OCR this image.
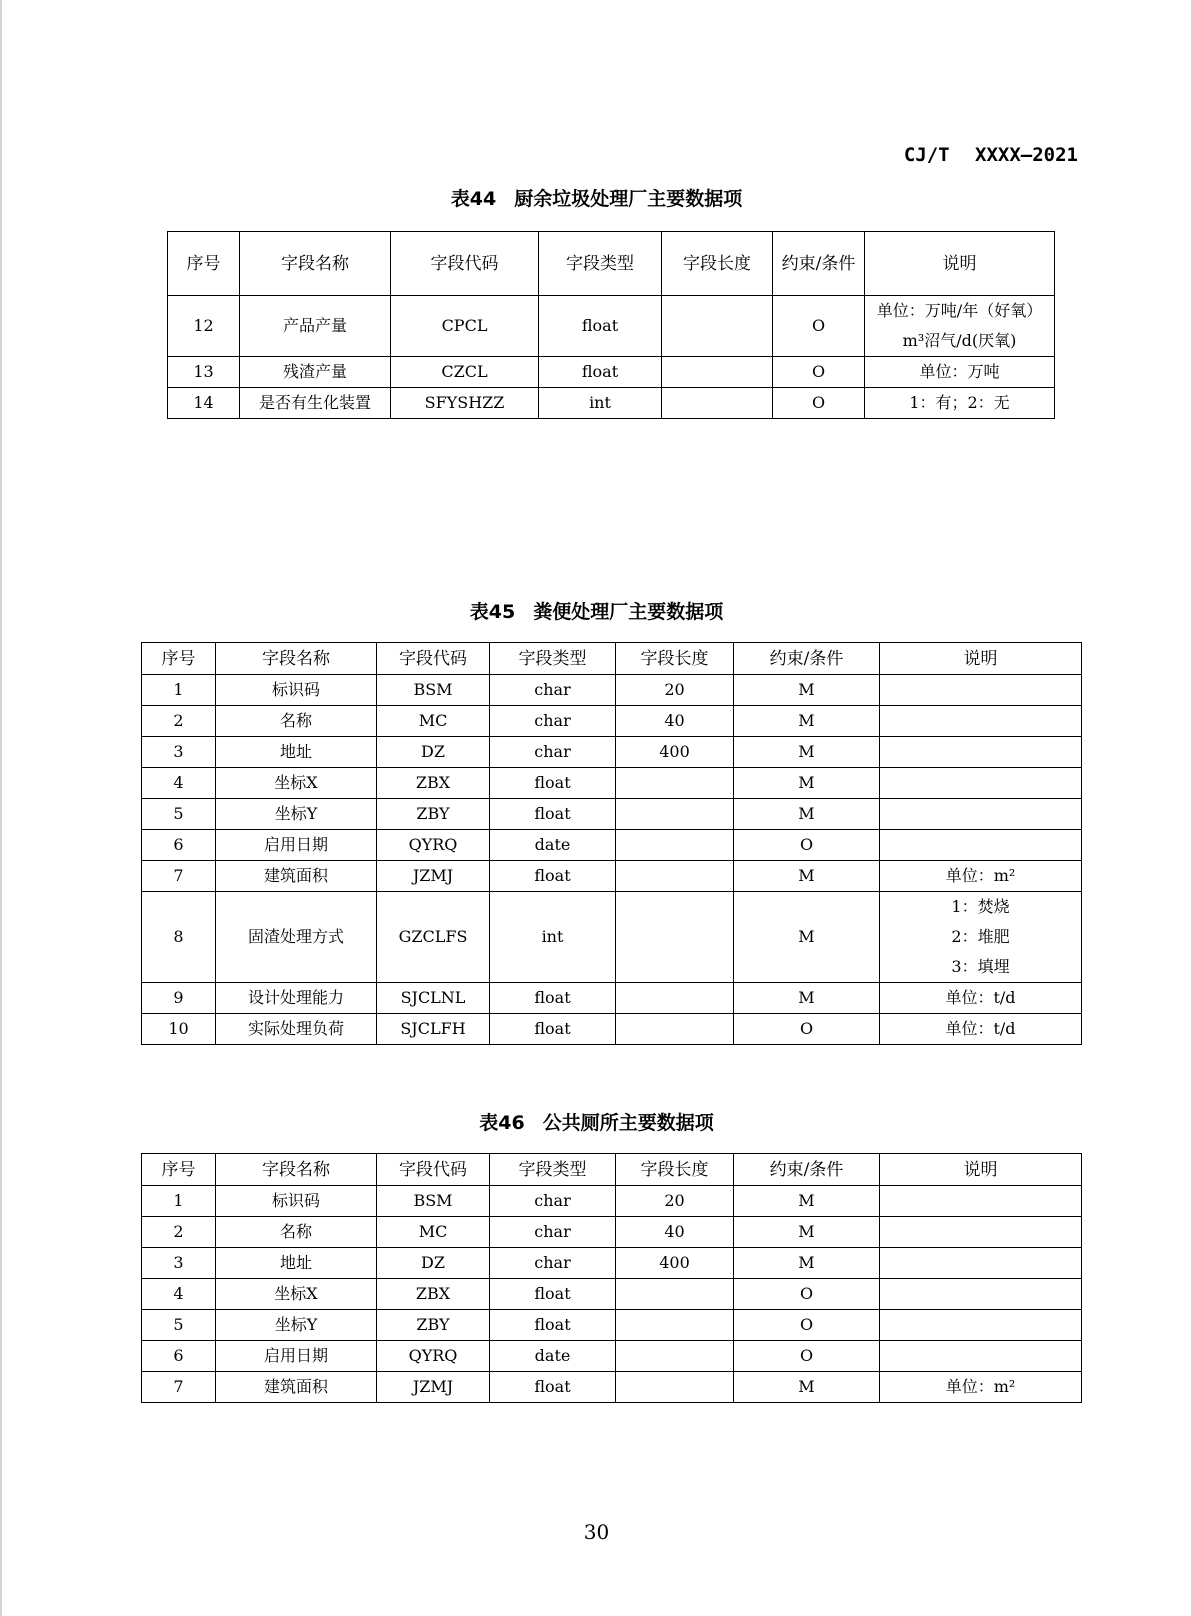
CJ/T XXXX—2021
表44 厨余垃圾处理厂主要数据项
序号	字段名称	字段代码	字段类型	字段长度	约束/条件	说明
12	产品产量	CPCL	float		O	单位：万吨/年（好氧）
m³沼气/d(厌氧)
13	残渣产量	CZCL	float		O	单位：万吨
14	是否有生化装置	SFYSHZZ	int		O	1：有；2：无
表45 粪便处理厂主要数据项
序号	字段名称	字段代码	字段类型	字段长度	约束/条件	说明
1	标识码	BSM	char	20	M	
2	名称	MC	char	40	M	
3	地址	DZ	char	400	M	
4	坐标X	ZBX	float		M	
5	坐标Y	ZBY	float		M	
6	启用日期	QYRQ	date		O	
7	建筑面积	JZMJ	float		M	单位：m²
8	固渣处理方式	GZCLFS	int		M	1：焚烧
2：堆肥
3：填埋
9	设计处理能力	SJCLNL	float		M	单位：t/d
10	实际处理负荷	SJCLFH	float		O	单位：t/d
表46 公共厕所主要数据项
序号	字段名称	字段代码	字段类型	字段长度	约束/条件	说明
1	标识码	BSM	char	20	M	
2	名称	MC	char	40	M	
3	地址	DZ	char	400	M	
4	坐标X	ZBX	float		O	
5	坐标Y	ZBY	float		O	
6	启用日期	QYRQ	date		O	
7	建筑面积	JZMJ	float		M	单位：m²
30
